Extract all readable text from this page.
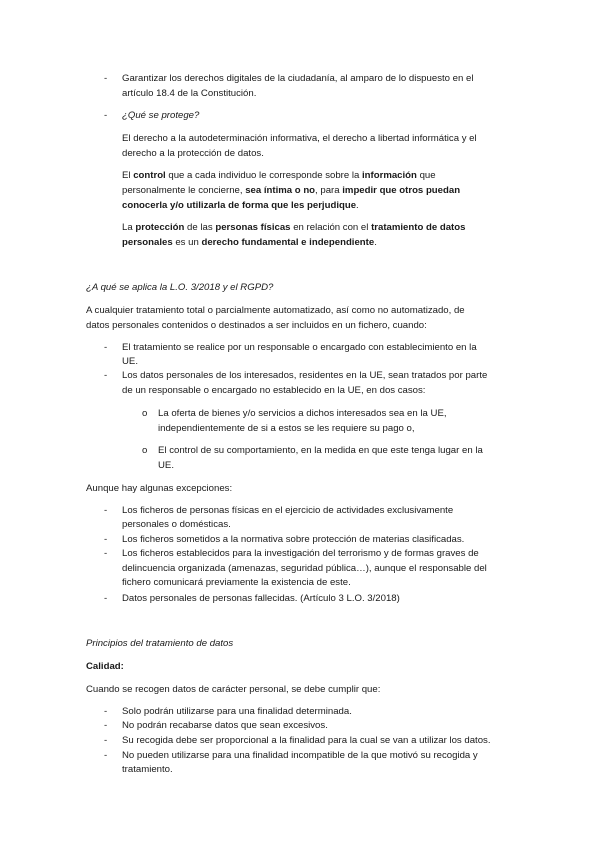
- Garantizar los derechos digitales de la ciudadanía, al amparo de lo dispuesto en el
artículo 18.4 de la Constitución.
- ¿Qué se protege?
El derecho a la autodeterminación informativa, el derecho a libertad informática y el
derecho a la protección de datos.
El control que a cada individuo le corresponde sobre la información que
personalmente le concierne, sea íntima o no, para impedir que otros puedan
conocerla y/o utilizarla de forma que les perjudique.
La protección de las personas físicas en relación con el tratamiento de datos
personales es un derecho fundamental e independiente.
¿A qué se aplica la L.O. 3/2018 y el RGPD?
A cualquier tratamiento total o parcialmente automatizado, así como no automatizado, de
datos personales contenidos o destinados a ser incluidos en un fichero, cuando:
- El tratamiento se realice por un responsable o encargado con establecimiento en la
UE.
- Los datos personales de los interesados, residentes en la UE, sean tratados por parte
de un responsable o encargado no establecido en la UE, en dos casos:
o La oferta de bienes y/o servicios a dichos interesados sea en la UE,
independientemente de si a estos se les requiere su pago o,
o El control de su comportamiento, en la medida en que este tenga lugar en la
UE.
Aunque hay algunas excepciones:
- Los ficheros de personas físicas en el ejercicio de actividades exclusivamente
personales o domésticas.
- Los ficheros sometidos a la normativa sobre protección de materias clasificadas.
- Los ficheros establecidos para la investigación del terrorismo y de formas graves de
delincuencia organizada (amenazas, seguridad pública…), aunque el responsable del
fichero comunicará previamente la existencia de este.
- Datos personales de personas fallecidas. (Artículo 3 L.O. 3/2018)
Principios del tratamiento de datos
Calidad:
Cuando se recogen datos de carácter personal, se debe cumplir que:
- Solo podrán utilizarse para una finalidad determinada.
- No podrán recabarse datos que sean excesivos.
- Su recogida debe ser proporcional a la finalidad para la cual se van a utilizar los datos.
- No pueden utilizarse para una finalidad incompatible de la que motivó su recogida y
tratamiento.
